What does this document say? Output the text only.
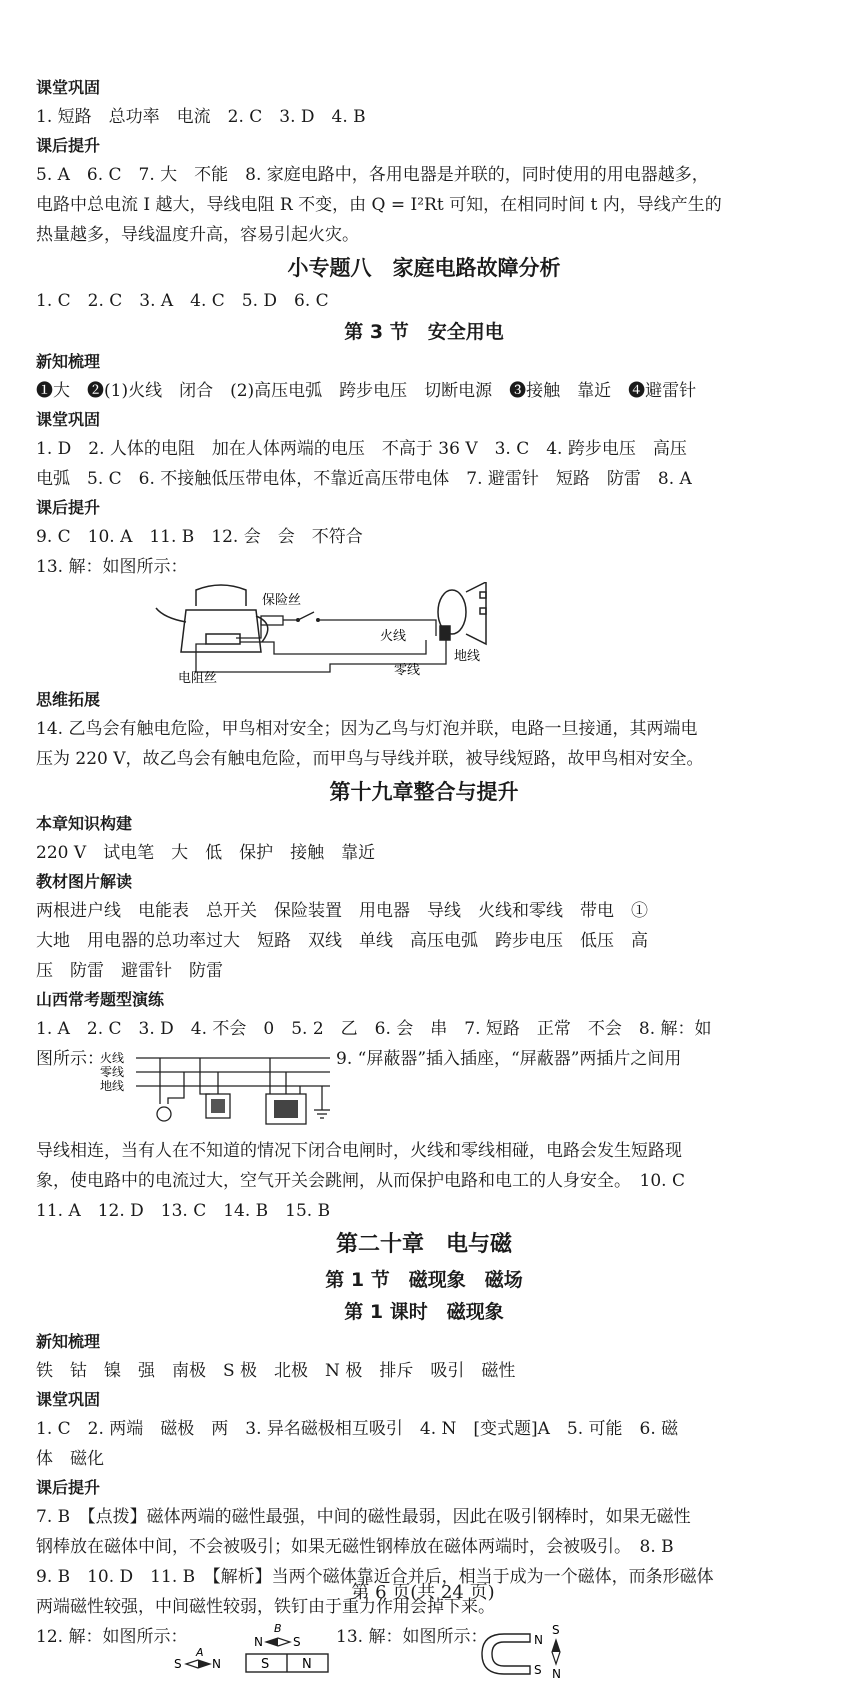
课堂巩固
1. 短路　总功率　电流　2. C　3. D　4. B
课后提升
5. A　6. C　7. 大　不能　8. 家庭电路中，各用电器是并联的，同时使用的用电器越多，
电路中总电流 I 越大，导线电阻 R 不变，由 Q = I²Rt 可知，在相同时间 t 内，导线产生的
热量越多，导线温度升高，容易引起火灾。
小专题八　家庭电路故障分析
1. C　2. C　3. A　4. C　5. D　6. C
第 3 节　安全用电
新知梳理
❶大　❷(1)火线　闭合　(2)高压电弧　跨步电压　切断电源　❸接触　靠近　❹避雷针
课堂巩固
1. D　2. 人体的电阻　加在人体两端的电压　不高于 36 V　3. C　4. 跨步电压　高压
电弧　5. C　6. 不接触低压带电体，不靠近高压带电体　7. 避雷针　短路　防雷　8. A
课后提升
9. C　10. A　11. B　12. 会　会　不符合
13. 解：如图所示：
保险丝
火线
零线
地线
电阻丝
思维拓展
14. 乙鸟会有触电危险，甲鸟相对安全；因为乙鸟与灯泡并联，电路一旦接通，其两端电
压为 220 V，故乙鸟会有触电危险，而甲鸟与导线并联，被导线短路，故甲鸟相对安全。
第十九章整合与提升
本章知识构建
220 V　试电笔　大　低　保护　接触　靠近
教材图片解读
两根进户线　电能表　总开关　保险装置　用电器　导线　火线和零线　带电　①
大地　用电器的总功率过大　短路　双线　单线　高压电弧　跨步电压　低压　高
压　防雷　避雷针　防雷
山西常考题型演练
1. A　2. C　3. D　4. 不会　0　5. 2　乙　6. 会　串　7. 短路　正常　不会　8. 解：如
图所示：	9. “屏蔽器”插入插座，“屏蔽器”两插片之间用
火线
零线
地线
导线相连，当有人在不知道的情况下闭合电闸时，火线和零线相碰，电路会发生短路现
象，使电路中的电流过大，空气开关会跳闸，从而保护电路和电工的人身安全。　10. C
11. A　12. D　13. C　14. B　15. B
第二十章　电与磁
第 1 节　磁现象　磁场
第 1 课时　磁现象
新知梳理
铁　钴　镍　强　南极　S 极　北极　N 极　排斥　吸引　磁性
课堂巩固
1. C　2. 两端　磁极　两　3. 异名磁极相互吸引　4. N　[变式题]A　5. 可能　6. 磁
体　磁化
课后提升
7. B　【点拨】磁体两端的磁性最强，中间的磁性最弱，因此在吸引钢棒时，如果无磁性
钢棒放在磁体中间，不会被吸引；如果无磁性钢棒放在磁体两端时，会被吸引。　8. B
9. B　10. D　11. B　【解析】当两个磁体靠近合并后，相当于成为一个磁体，而条形磁体
两端磁性较强，中间磁性较弱，铁钉由于重力作用会掉下来。
12. 解：如图所示：	13. 解：如图所示：
B
N	S
A
S	N	S	N
N
S
S
N
第 6 页(共 24 页)
